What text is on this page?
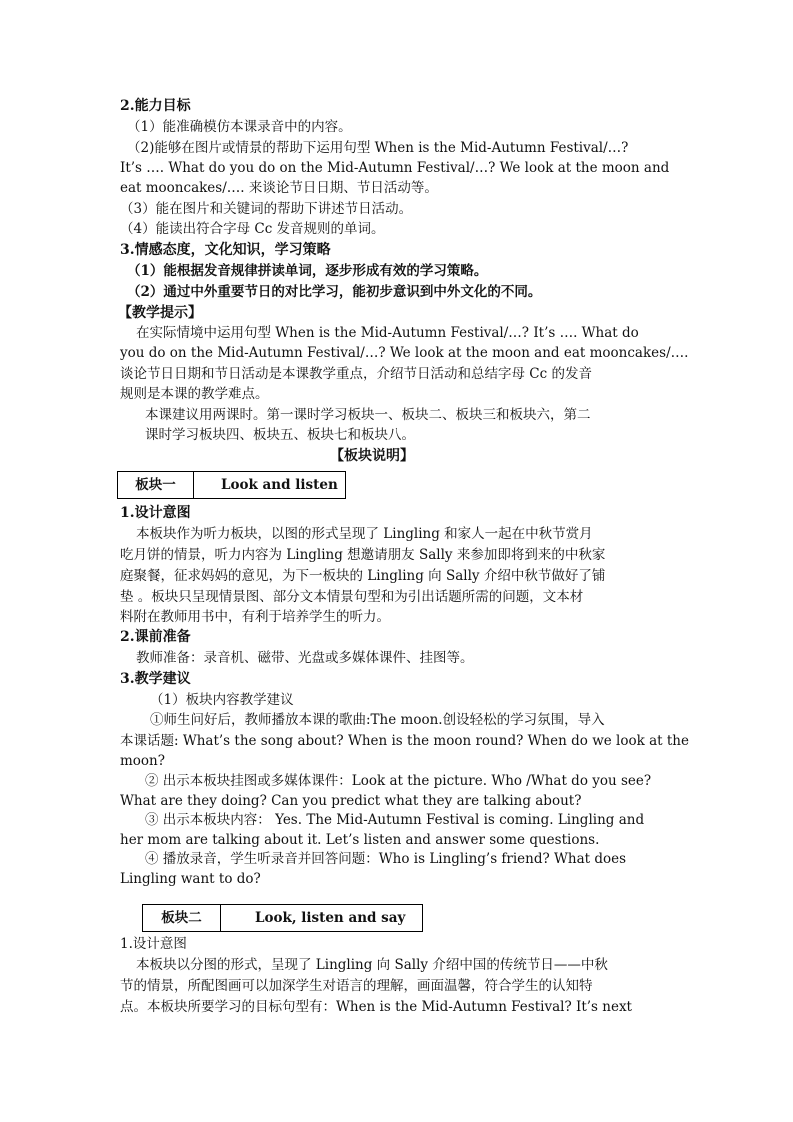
2.能力目标
（1）能准确模仿本课录音中的内容。
（2)能够在图片或情景的帮助下运用句型 When is the Mid-Autumn Festival/…?
It’s …. What do you do on the Mid-Autumn Festival/…? We look at the moon and
eat mooncakes/…. 来谈论节日日期、节日活动等。
（3）能在图片和关键词的帮助下讲述节日活动。
（4）能读出符合字母 Cc 发音规则的单词。
3.情感态度，文化知识，学习策略
（1）能根据发音规律拼读单词，逐步形成有效的学习策略。
（2）通过中外重要节日的对比学习，能初步意识到中外文化的不同。
【教学提示】
在实际情境中运用句型 When is the Mid-Autumn Festival/…? It’s …. What do
you do on the Mid-Autumn Festival/…? We look at the moon and eat mooncakes/….
谈论节日日期和节日活动是本课教学重点，介绍节日活动和总结字母 Cc 的发音
规则是本课的教学难点。
本课建议用两课时。第一课时学习板块一、板块二、板块三和板块六，第二
课时学习板块四、板块五、板块七和板块八。
【板块说明】
板块一	Look and listen
1.设计意图
本板块作为听力板块，以图的形式呈现了 Lingling 和家人一起在中秋节赏月
吃月饼的情景，听力内容为 Lingling 想邀请朋友 Sally 来参加即将到来的中秋家
庭聚餐，征求妈妈的意见，为下一板块的 Lingling 向 Sally 介绍中秋节做好了铺
垫 。板块只呈现情景图、部分文本情景句型和为引出话题所需的问题，文本材
料附在教师用书中，有利于培养学生的听力。
2.课前准备
教师准备：录音机、磁带、光盘或多媒体课件、挂图等。
3.教学建议
（1）板块内容教学建议
①师生问好后，教师播放本课的歌曲:The moon.创设轻松的学习氛围，导入
本课话题: What’s the song about? When is the moon round? When do we look at the
moon?
② 出示本板块挂图或多媒体课件：Look at the picture. Who /What do you see?
What are they doing? Can you predict what they are talking about?
③ 出示本板块内容： Yes. The Mid-Autumn Festival is coming. Lingling and
her mom are talking about it. Let’s listen and answer some questions.
④ 播放录音，学生听录音并回答问题：Who is Lingling’s friend? What does
Lingling want to do?
板块二	Look, listen and say
1.设计意图
本板块以分图的形式，呈现了 Lingling 向 Sally 介绍中国的传统节日——中秋
节的情景，所配图画可以加深学生对语言的理解，画面温馨，符合学生的认知特
点。本板块所要学习的目标句型有：When is the Mid-Autumn Festival? It’s next
